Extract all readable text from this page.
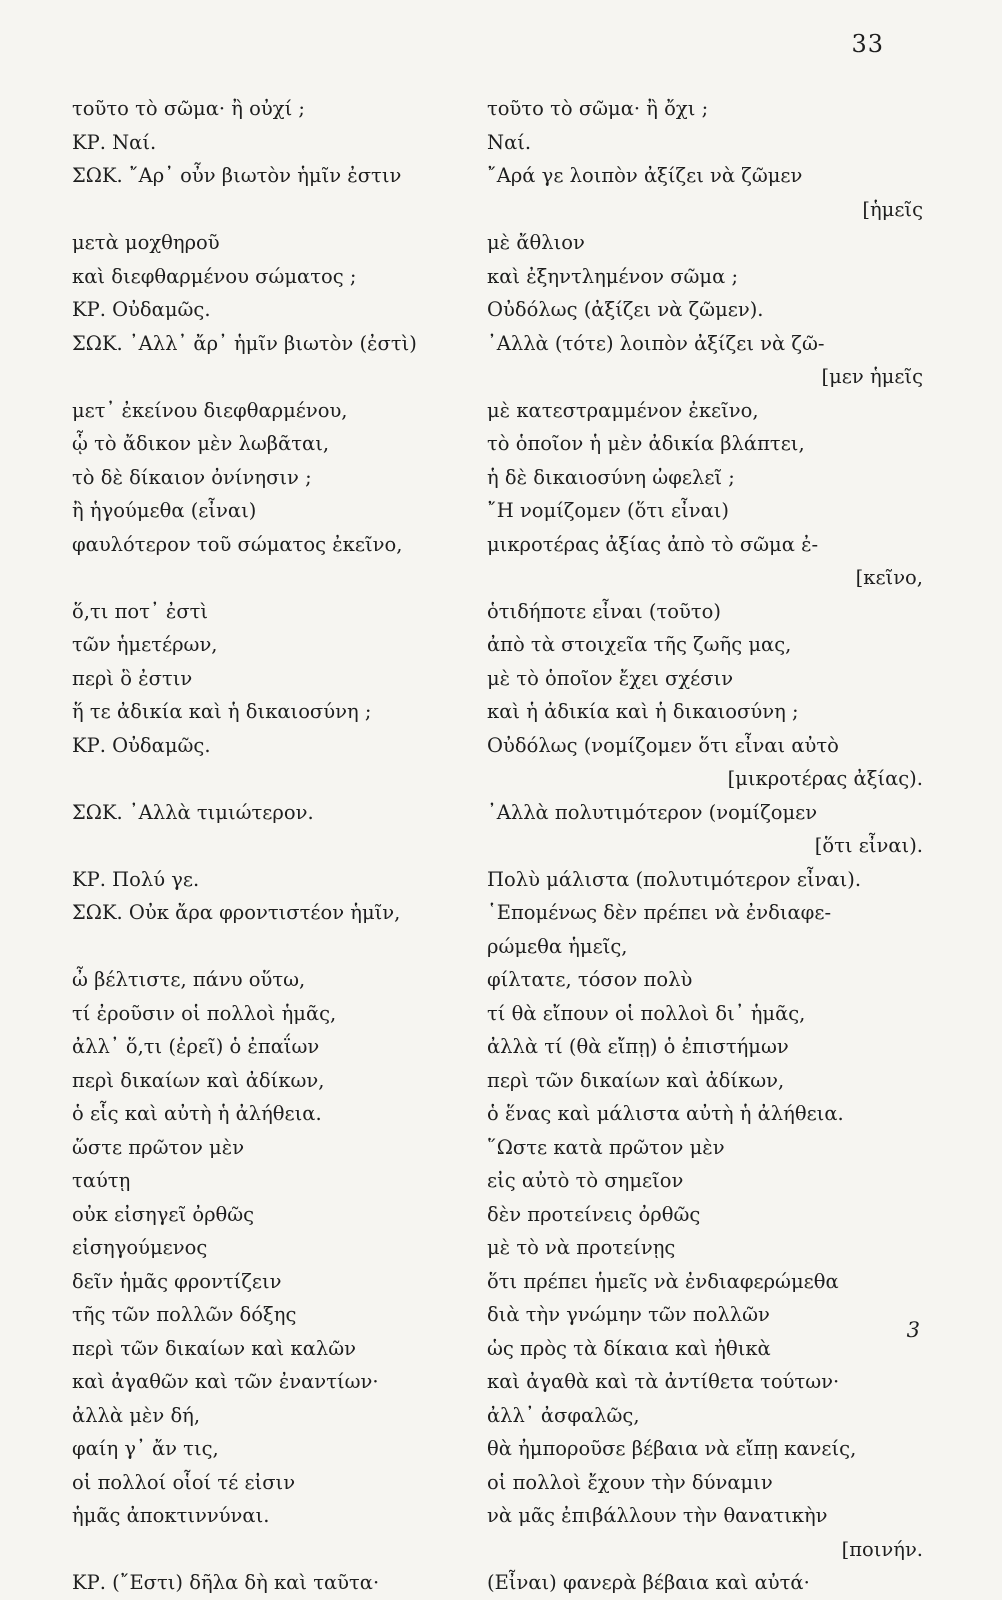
33
τοῦτο τὸ σῶμα· ἢ οὐχί ;
ΚΡ. Ναί.
ΣΩΚ. ῎Αρ᾽ οὖν βιωτὸν ἡμῖν ἐστιν
μετὰ μοχθηροῦ
καὶ διεφθαρμένου σώματος ;
ΚΡ. Οὐδαμῶς.
ΣΩΚ. ᾿Αλλ᾽ ἄρ᾽ ἡμῖν βιωτὸν (ἐστὶ)
μετ᾽ ἐκείνου διεφθαρμένου,
ᾧ τὸ ἄδικον μὲν λωβᾶται,
τὸ δὲ δίκαιον ὀνίνησιν ;
ἢ ἡγούμεθα (εἶναι)
φαυλότερον τοῦ σώματος ἐκεῖνο,
ὅ,τι ποτ᾽ ἐστὶ
τῶν ἡμετέρων,
περὶ ὃ ἐστιν
ἥ τε ἀδικία καὶ ἡ δικαιοσύνη ;
ΚΡ. Οὐδαμῶς.
ΣΩΚ. ᾿Αλλὰ τιμιώτερον.
ΚΡ. Πολύ γε.
ΣΩΚ. Οὐκ ἄρα φροντιστέον ἡμῖν,
ὦ βέλτιστε, πάνυ οὕτω,
τί ἐροῦσιν οἱ πολλοὶ ἡμᾶς,
ἀλλ᾽ ὅ,τι (ἐρεῖ) ὁ ἐπαΐων
περὶ δικαίων καὶ ἀδίκων,
ὁ εἷς καὶ αὐτὴ ἡ ἀλήθεια.
ὥστε πρῶτον μὲν
ταύτῃ
οὐκ εἰσηγεῖ ὀρθῶς
εἰσηγούμενος
δεῖν ἡμᾶς φροντίζειν
τῆς τῶν πολλῶν δόξης
περὶ τῶν δικαίων καὶ καλῶν
καὶ ἀγαθῶν καὶ τῶν ἐναντίων·
ἀλλὰ μὲν δή,
φαίη γ᾽ ἄν τις,
οἱ πολλοί οἷοί τέ εἰσιν
ἡμᾶς ἀποκτιννύναι.
ΚΡ. (῎Εστι) δῆλα δὴ καὶ ταῦτα·
τοῦτο τὸ σῶμα· ἢ ὄχι ;
Ναί.
῎Αρά γε λοιπὸν ἀξίζει νὰ ζῶμεν
[ἡμεῖς
μὲ ἄθλιον
καὶ ἐξηντλημένον σῶμα ;
Οὐδόλως (ἀξίζει νὰ ζῶμεν).
᾿Αλλὰ (τότε) λοιπὸν ἀξίζει νὰ ζῶ-
[μεν ἡμεῖς
μὲ κατεστραμμένον ἐκεῖνο,
τὸ ὁποῖον ἡ μὲν ἀδικία βλάπτει,
ἡ δὲ δικαιοσύνη ὠφελεῖ ;
῎Η νομίζομεν (ὅτι εἶναι)
μικροτέρας ἀξίας ἀπὸ τὸ σῶμα ἐ-
[κεῖνο,
ὁτιδήποτε εἶναι (τοῦτο)
ἀπὸ τὰ στοιχεῖα τῆς ζωῆς μας,
μὲ τὸ ὁποῖον ἔχει σχέσιν
καὶ ἡ ἀδικία καὶ ἡ δικαιοσύνη ;
Οὐδόλως (νομίζομεν ὅτι εἶναι αὐτὸ
[μικροτέρας ἀξίας).
᾿Αλλὰ πολυτιμότερον (νομίζομεν
[ὅτι εἶναι).
Πολὺ μάλιστα (πολυτιμότερον εἶναι).
῾Επομένως δὲν πρέπει νὰ ἐνδιαφε-
ρώμεθα ἡμεῖς,
φίλτατε, τόσον πολὺ
τί θὰ εἴπουν οἱ πολλοὶ δι᾽ ἡμᾶς,
ἀλλὰ τί (θὰ εἴπῃ) ὁ ἐπιστήμων
περὶ τῶν δικαίων καὶ ἀδίκων,
ὁ ἕνας καὶ μάλιστα αὐτὴ ἡ ἀλήθεια.
῞Ωστε κατὰ πρῶτον μὲν
εἰς αὐτὸ τὸ σημεῖον
δὲν προτείνεις ὀρθῶς
μὲ τὸ νὰ προτείνῃς
ὅτι πρέπει ἡμεῖς νὰ ἐνδιαφερώμεθα
διὰ τὴν γνώμην τῶν πολλῶν
ὡς πρὸς τὰ δίκαια καὶ ἠθικὰ
καὶ ἀγαθὰ καὶ τὰ ἀντίθετα τούτων·
ἀλλ᾽ ἀσφαλῶς,
θὰ ἠμποροῦσε βέβαια νὰ εἴπῃ κανείς,
οἱ πολλοὶ ἔχουν τὴν δύναμιν
νὰ μᾶς ἐπιβάλλουν τὴν θανατικὴν
[ποινήν.
(Εἶναι) φανερὰ βέβαια καὶ αὐτά·
3
